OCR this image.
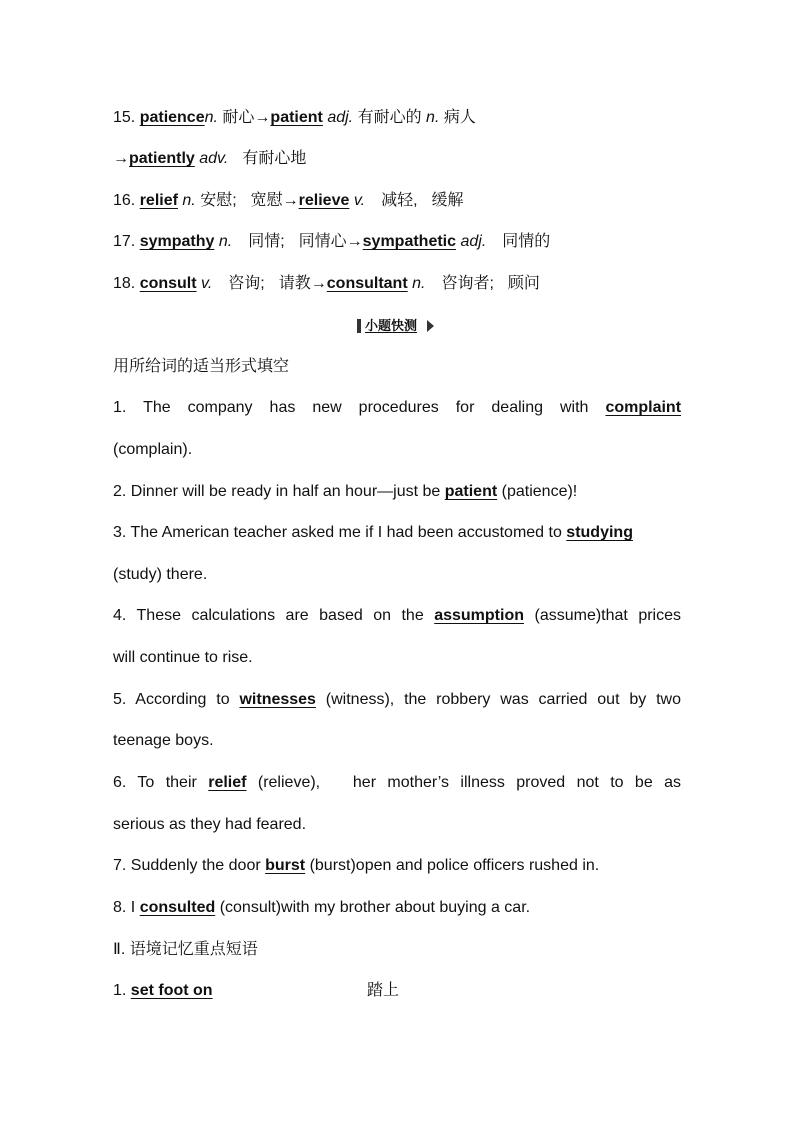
15. patiencen. 耐心→patient adj. 有耐心的 n. 病人
→patiently adv. 有耐心地
16. relief n. 安慰; 宽慰→relieve v. 减轻, 缓解
17. sympathy n. 同情; 同情心→sympathetic adj. 同情的
18. consult v. 咨询; 请教→consultant n. 咨询者; 顾问
小题快测
用所给词的适当形式填空
1. The company has new procedures for dealing with complaint
(complain).
2. Dinner will be ready in half an hour—just be patient (patience)!
3. The American teacher asked me if I had been accustomed to studying
(study) there.
4. These calculations are based on the assumption (assume)that prices
will continue to rise.
5. According to witnesses (witness), the robbery was carried out by two
teenage boys.
6. To their relief (relieve), her mother’s illness proved not to be as
serious as they had feared.
7. Suddenly the door burst (burst)open and police officers rushed in.
8. I consulted (consult)with my brother about buying a car.
Ⅱ. 语境记忆重点短语
1. set foot on	踏上
